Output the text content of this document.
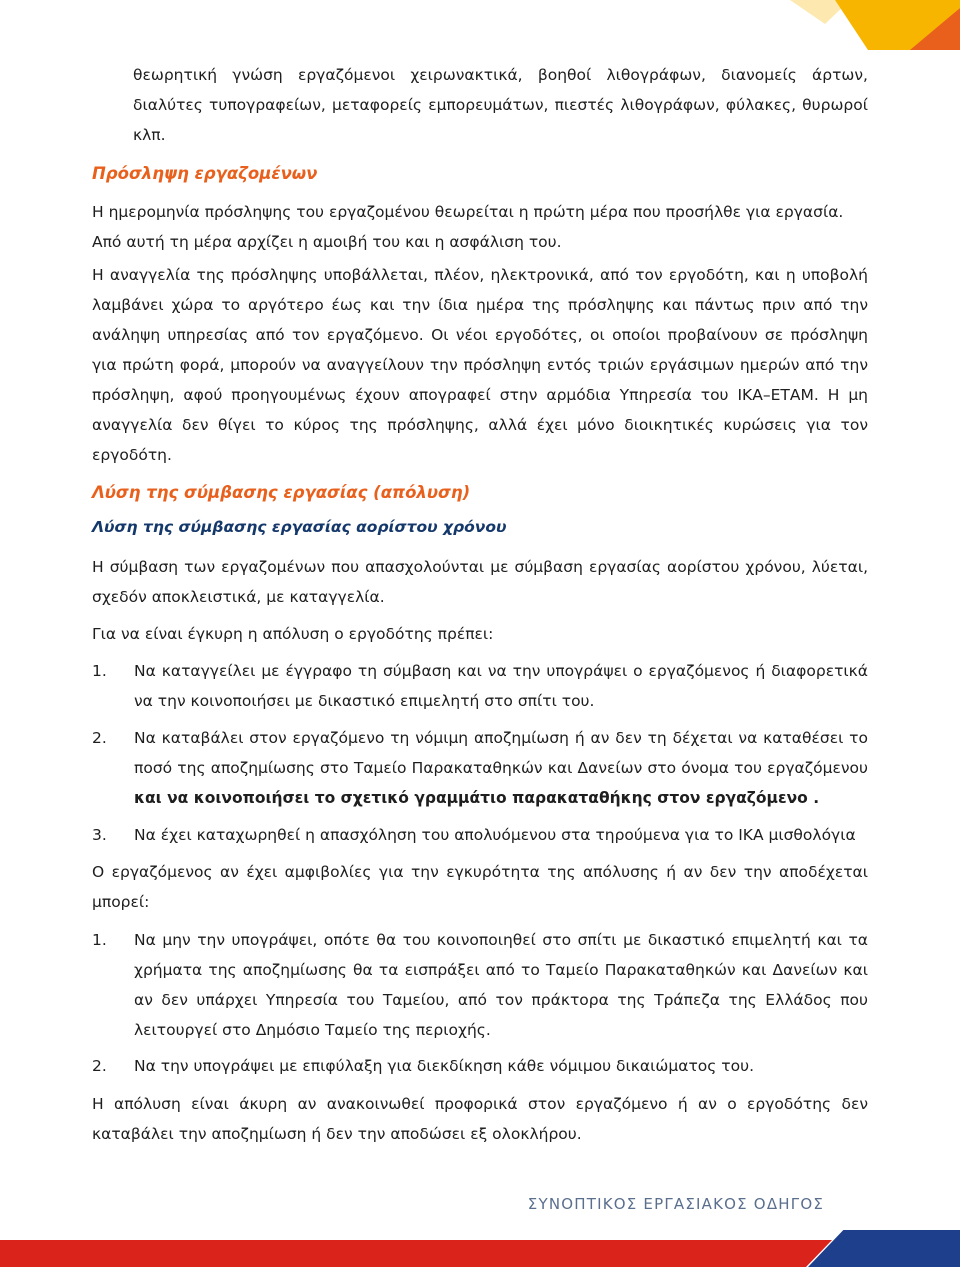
θεωρητική γνώση εργαζόμενοι χειρωνακτικά, βοηθοί λιθογράφων, διανομείς άρτων, διαλύτες τυπογραφείων, μεταφορείς εμπορευμάτων, πιεστές λιθογράφων, φύλακες, θυρωροί κλπ.

Πρόσληψη εργαζομένων

Η ημερομηνία πρόσληψης του εργαζομένου θεωρείται η πρώτη μέρα που προσήλθε για εργασία. Από αυτή τη μέρα αρχίζει η αμοιβή του και η ασφάλιση του.

Η αναγγελία της πρόσληψης υποβάλλεται, πλέον, ηλεκτρονικά, από τον εργοδότη, και η υποβολή λαμβάνει χώρα το αργότερο έως και την ίδια ημέρα της πρόσληψης και πάντως πριν από την ανάληψη υπηρεσίας από τον εργαζόμενο. Οι νέοι εργοδότες, οι οποίοι προβαίνουν σε πρόσληψη για πρώτη φορά, μπορούν να αναγγείλουν την πρόσληψη εντός τριών εργάσιμων ημερών από την πρόσληψη, αφού προηγουμένως έχουν απογραφεί στην αρμόδια Υπηρεσία του ΙΚΑ–ΕΤΑΜ. Η μη αναγγελία δεν θίγει το κύρος της πρόσληψης, αλλά έχει μόνο διοικητικές κυρώσεις για τον εργοδότη.

Λύση της σύμβασης εργασίας (απόλυση)
Λύση της σύμβασης εργασίας αορίστου χρόνου

Η σύμβαση των εργαζομένων που απασχολούνται με σύμβαση εργασίας αορίστου χρόνου, λύεται, σχεδόν αποκλειστικά, με καταγγελία.

Για να είναι έγκυρη η απόλυση ο εργοδότης πρέπει:

1.	Να καταγγείλει με έγγραφο τη σύμβαση και να την υπογράψει ο εργαζόμενος ή διαφορετικά να την κοινοποιήσει με δικαστικό επιμελητή στο σπίτι του.
2.	Να καταβάλει στον εργαζόμενο τη νόμιμη αποζημίωση ή αν δεν τη δέχεται να καταθέσει το ποσό της αποζημίωσης στο Ταμείο Παρακαταθηκών και Δανείων στο όνομα του εργαζόμενου και να κοινοποιήσει το σχετικό γραμμάτιο παρακαταθήκης στον εργαζόμενο .
3.	Να έχει καταχωρηθεί η απασχόληση του απολυόμενου στα τηρούμενα για το ΙΚΑ μισθολόγια

Ο εργαζόμενος αν έχει αμφιβολίες για την εγκυρότητα της απόλυσης ή αν δεν την αποδέχεται μπορεί:

1.	Να μην την υπογράψει, οπότε θα του κοινοποιηθεί στο σπίτι με δικαστικό επιμελητή και τα χρήματα της αποζημίωσης θα τα εισπράξει από το Ταμείο Παρακαταθηκών και Δανείων και αν δεν υπάρχει Υπηρεσία του Ταμείου, από τον πράκτορα της Τράπεζα της Ελλάδος που λειτουργεί στο Δημόσιο Ταμείο της περιοχής.
2.	Να την υπογράψει με επιφύλαξη για διεκδίκηση κάθε νόμιμου δικαιώματος του.

Η απόλυση είναι άκυρη αν ανακοινωθεί προφορικά στον εργαζόμενο ή αν ο εργοδότης δεν καταβάλει την αποζημίωση ή δεν την αποδώσει εξ ολοκλήρου.

ΣΥΝΟΠΤΙΚΟΣ ΕΡΓΑΣΙΑΚΟΣ ΟΔΗΓΟΣ	13
